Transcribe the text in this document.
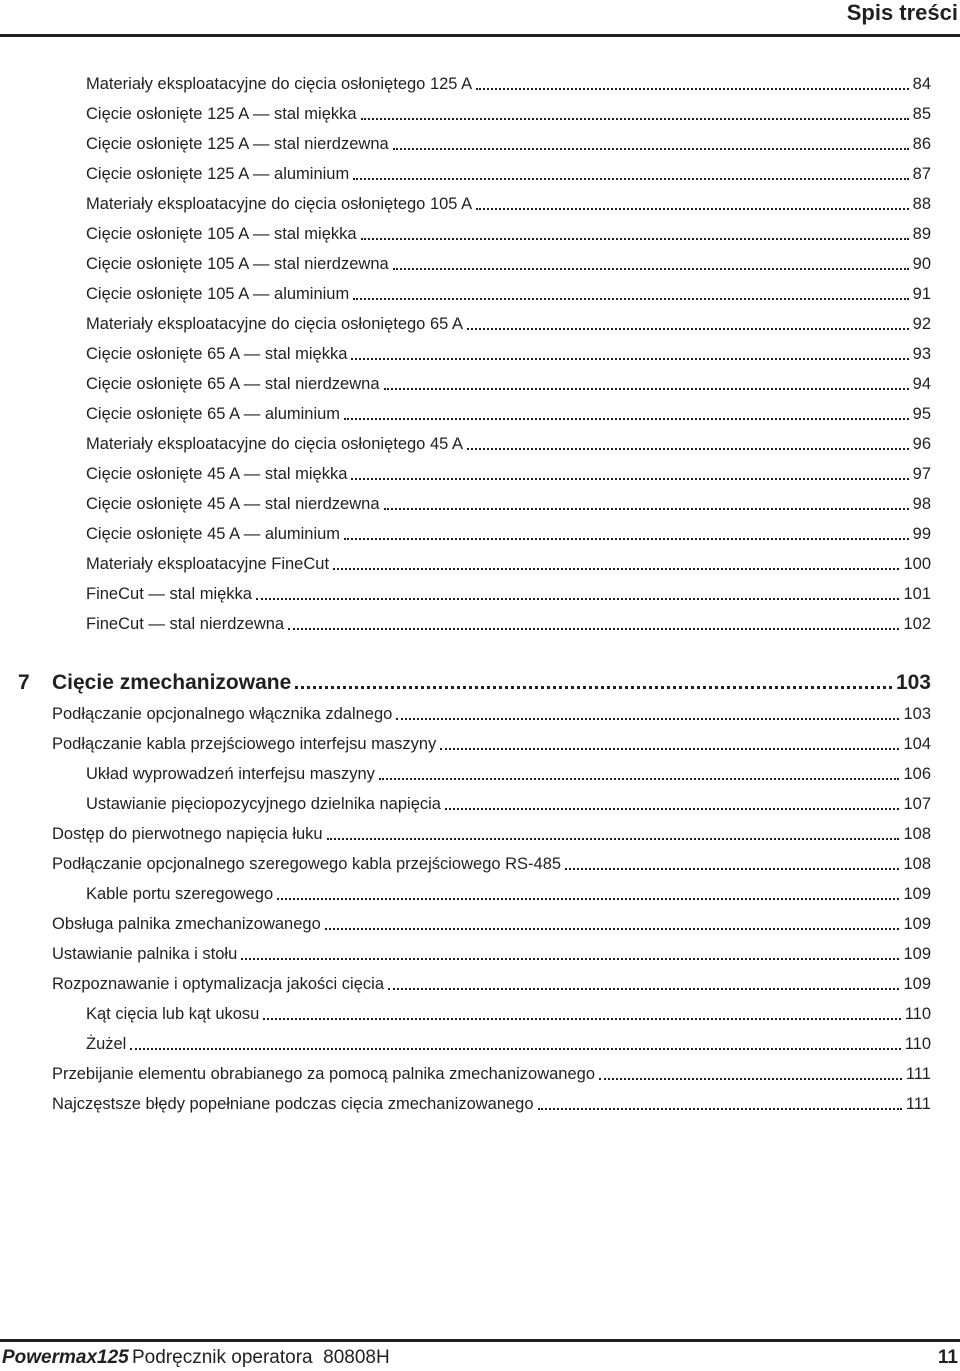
Spis treści
Materiały eksploatacyjne do cięcia osłoniętego 125 A	84
Cięcie osłonięte 125 A — stal miękka	85
Cięcie osłonięte 125 A — stal nierdzewna	86
Cięcie osłonięte 125 A — aluminium	87
Materiały eksploatacyjne do cięcia osłoniętego 105 A	88
Cięcie osłonięte 105 A — stal miękka	89
Cięcie osłonięte 105 A — stal nierdzewna	90
Cięcie osłonięte 105 A — aluminium	91
Materiały eksploatacyjne do cięcia osłoniętego 65 A	92
Cięcie osłonięte 65 A — stal miękka	93
Cięcie osłonięte 65 A — stal nierdzewna	94
Cięcie osłonięte 65 A — aluminium	95
Materiały eksploatacyjne do cięcia osłoniętego 45 A	96
Cięcie osłonięte 45 A — stal miękka	97
Cięcie osłonięte 45 A — stal nierdzewna	98
Cięcie osłonięte 45 A — aluminium	99
Materiały eksploatacyjne FineCut	100
FineCut — stal miękka	101
FineCut — stal nierdzewna	102
7	Cięcie zmechanizowane	103
Podłączanie opcjonalnego włącznika zdalnego	103
Podłączanie kabla przejściowego interfejsu maszyny	104
Układ wyprowadzeń interfejsu maszyny	106
Ustawianie pięciopozycyjnego dzielnika napięcia	107
Dostęp do pierwotnego napięcia łuku	108
Podłączanie opcjonalnego szeregowego kabla przejściowego RS-485	108
Kable portu szeregowego	109
Obsługa palnika zmechanizowanego	109
Ustawianie palnika i stołu	109
Rozpoznawanie i optymalizacja jakości cięcia	109
Kąt cięcia lub kąt ukosu	110
Żużel	110
Przebijanie elementu obrabianego za pomocą palnika zmechanizowanego	111
Najczęstsze błędy popełniane podczas cięcia zmechanizowanego	111
Powermax125 Podręcznik operatora  80808H	11
